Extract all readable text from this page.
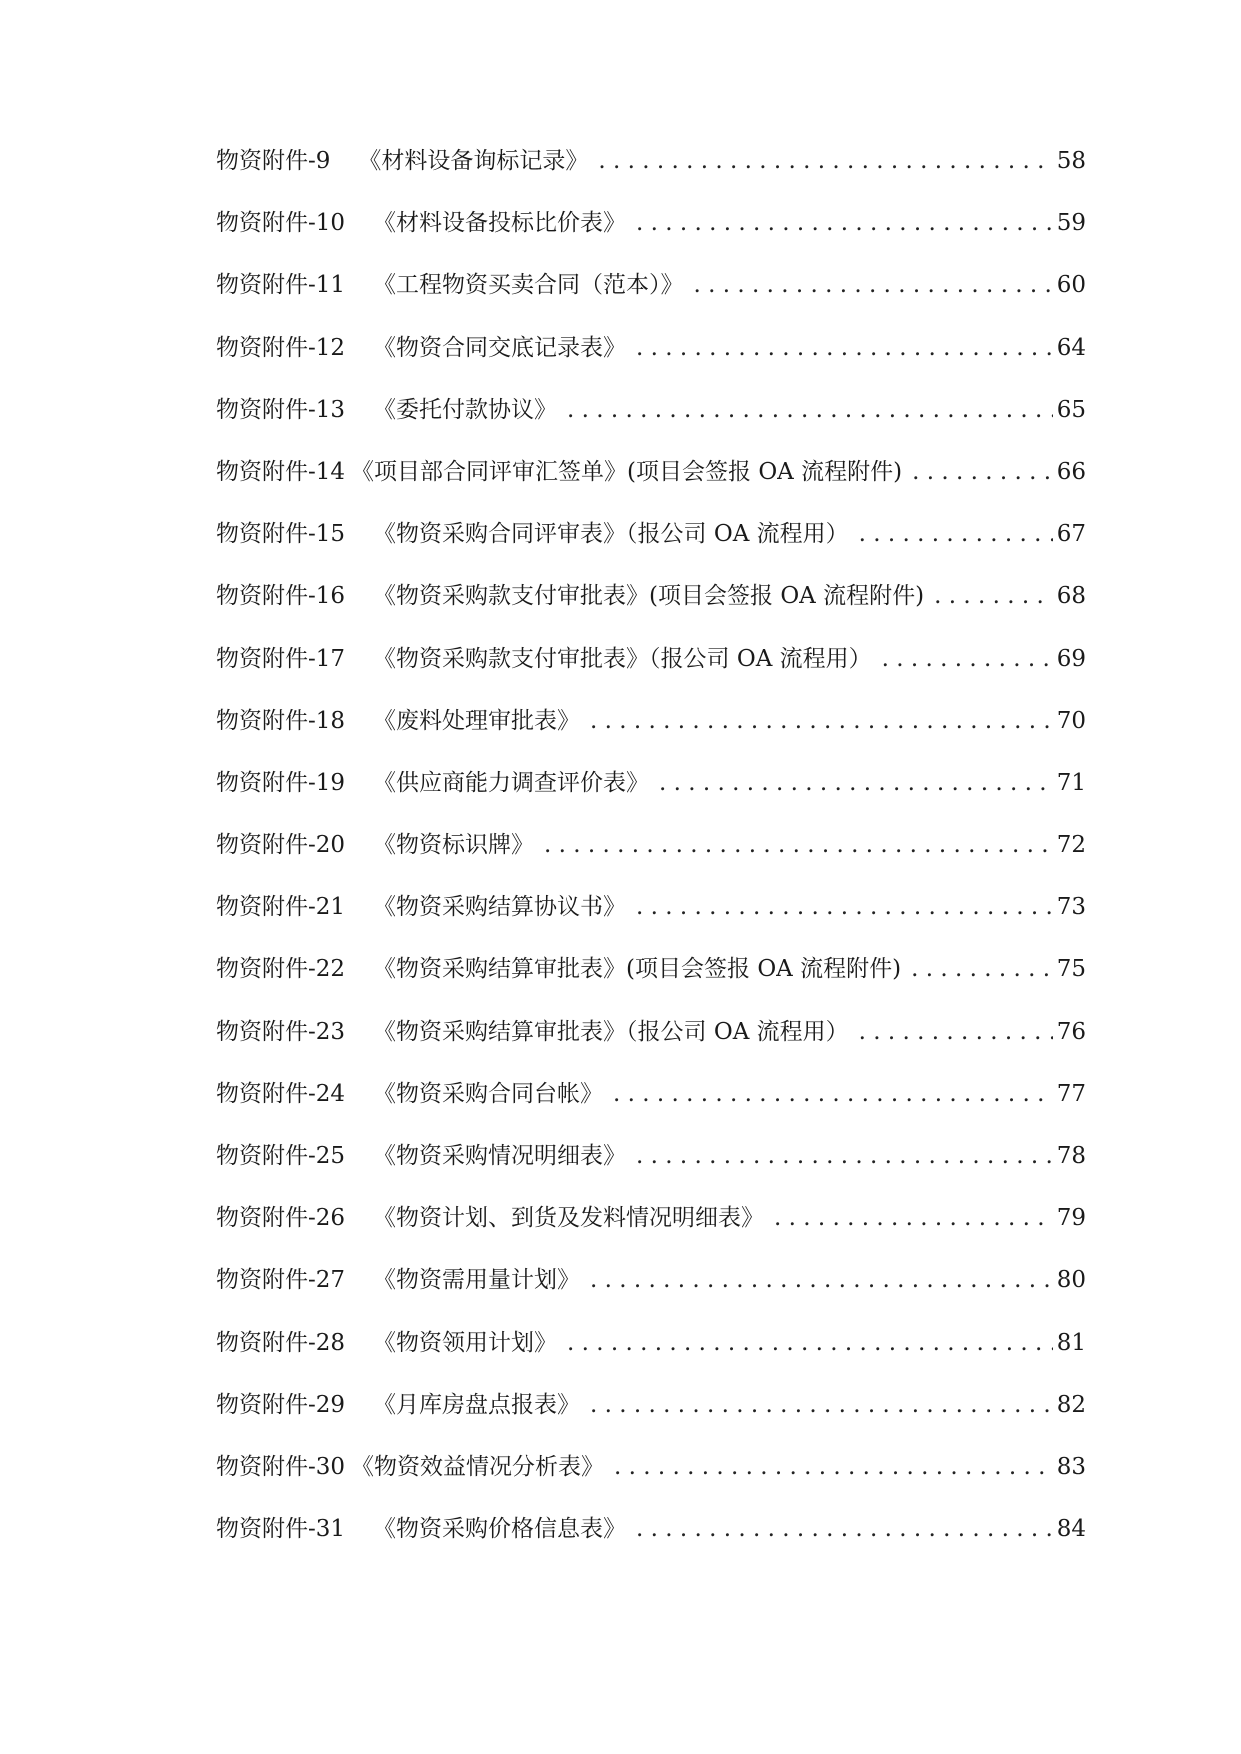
物资附件-9 《材料设备询标记录》 . . .	58
物资附件-10 《材料设备投标比价表》 . . .	59
物资附件-11 《工程物资买卖合同（范本）》 . . .	60
物资附件-12 《物资合同交底记录表》 . . .	64
物资附件-13 《委托付款协议》 . . .	65
物资附件-14 《项目部合同评审汇签单》(项目会签报 OA 流程附件) . . .	66
物资附件-15 《物资采购合同评审表》（报公司 OA 流程用） . . .	67
物资附件-16 《物资采购款支付审批表》(项目会签报 OA 流程附件) . . .	68
物资附件-17 《物资采购款支付审批表》（报公司 OA 流程用） . . .	69
物资附件-18 《废料处理审批表》 . . .	70
物资附件-19 《供应商能力调查评价表》 . . .	71
物资附件-20 《物资标识牌》 . . .	72
物资附件-21 《物资采购结算协议书》 . . .	73
物资附件-22 《物资采购结算审批表》(项目会签报 OA 流程附件) . . .	75
物资附件-23 《物资采购结算审批表》（报公司 OA 流程用） . . .	76
物资附件-24 《物资采购合同台帐》 . . .	77
物资附件-25 《物资采购情况明细表》 . . .	78
物资附件-26 《物资计划、到货及发料情况明细表》 . . .	79
物资附件-27 《物资需用量计划》 . . .	80
物资附件-28 《物资领用计划》 . . .	81
物资附件-29 《月库房盘点报表》 . . .	82
物资附件-30 《物资效益情况分析表》 . . .	83
物资附件-31 《物资采购价格信息表》 . . .	84
